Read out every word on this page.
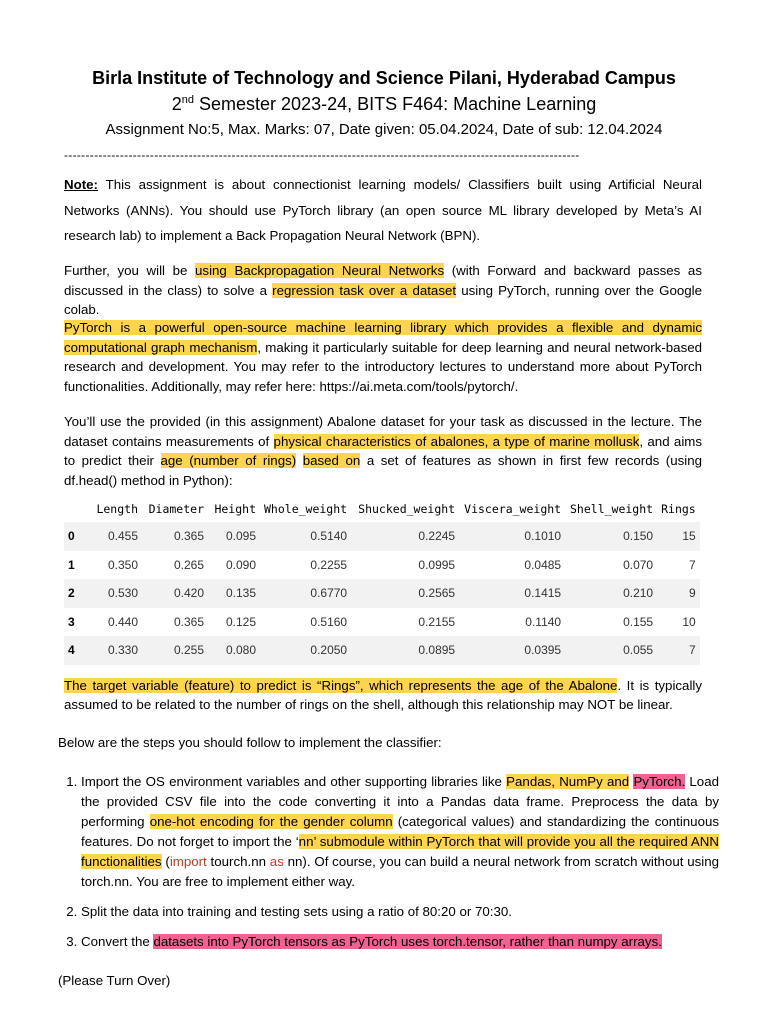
Birla Institute of Technology and Science Pilani, Hyderabad Campus
2nd Semester 2023-24, BITS F464: Machine Learning
Assignment No:5, Max. Marks: 07, Date given: 05.04.2024, Date of sub: 12.04.2024
------------------------------------------------------------------------------------------------------------------------
Note: This assignment is about connectionist learning models/ Classifiers built using Artificial Neural Networks (ANNs). You should use PyTorch library (an open source ML library developed by Meta’s AI research lab) to implement a Back Propagation Neural Network (BPN).
Further, you will be using Backpropagation Neural Networks (with Forward and backward passes as discussed in the class) to solve a regression task over a dataset using PyTorch, running over the Google colab.
PyTorch is a powerful open-source machine learning library which provides a flexible and dynamic computational graph mechanism, making it particularly suitable for deep learning and neural network-based research and development. You may refer to the introductory lectures to understand more about PyTorch functionalities. Additionally, may refer here: https://ai.meta.com/tools/pytorch/.
You’ll use the provided (in this assignment) Abalone dataset for your task as discussed in the lecture. The dataset contains measurements of physical characteristics of abalones, a type of marine mollusk, and aims to predict their age (number of rings) based on a set of features as shown in first few records (using df.head() method in Python):
	Length	Diameter	Height	Whole_weight	Shucked_weight	Viscera_weight	Shell_weight	Rings
0	0.455	0.365	0.095	0.5140	0.2245	0.1010	0.150	15
1	0.350	0.265	0.090	0.2255	0.0995	0.0485	0.070	7
2	0.530	0.420	0.135	0.6770	0.2565	0.1415	0.210	9
3	0.440	0.365	0.125	0.5160	0.2155	0.1140	0.155	10
4	0.330	0.255	0.080	0.2050	0.0895	0.0395	0.055	7
The target variable (feature) to predict is “Rings”, which represents the age of the Abalone. It is typically assumed to be related to the number of rings on the shell, although this relationship may NOT be linear.
Below are the steps you should follow to implement the classifier:
1. Import the OS environment variables and other supporting libraries like Pandas, NumPy and PyTorch. Load the provided CSV file into the code converting it into a Pandas data frame. Preprocess the data by performing one-hot encoding for the gender column (categorical values) and standardizing the continuous features. Do not forget to import the ‘nn’ submodule within PyTorch that will provide you all the required ANN functionalities (import tourch.nn as nn). Of course, you can build a neural network from scratch without using torch.nn. You are free to implement either way.
2. Split the data into training and testing sets using a ratio of 80:20 or 70:30.
3. Convert the datasets into PyTorch tensors as PyTorch uses torch.tensor, rather than numpy arrays.
(Please Turn Over)
